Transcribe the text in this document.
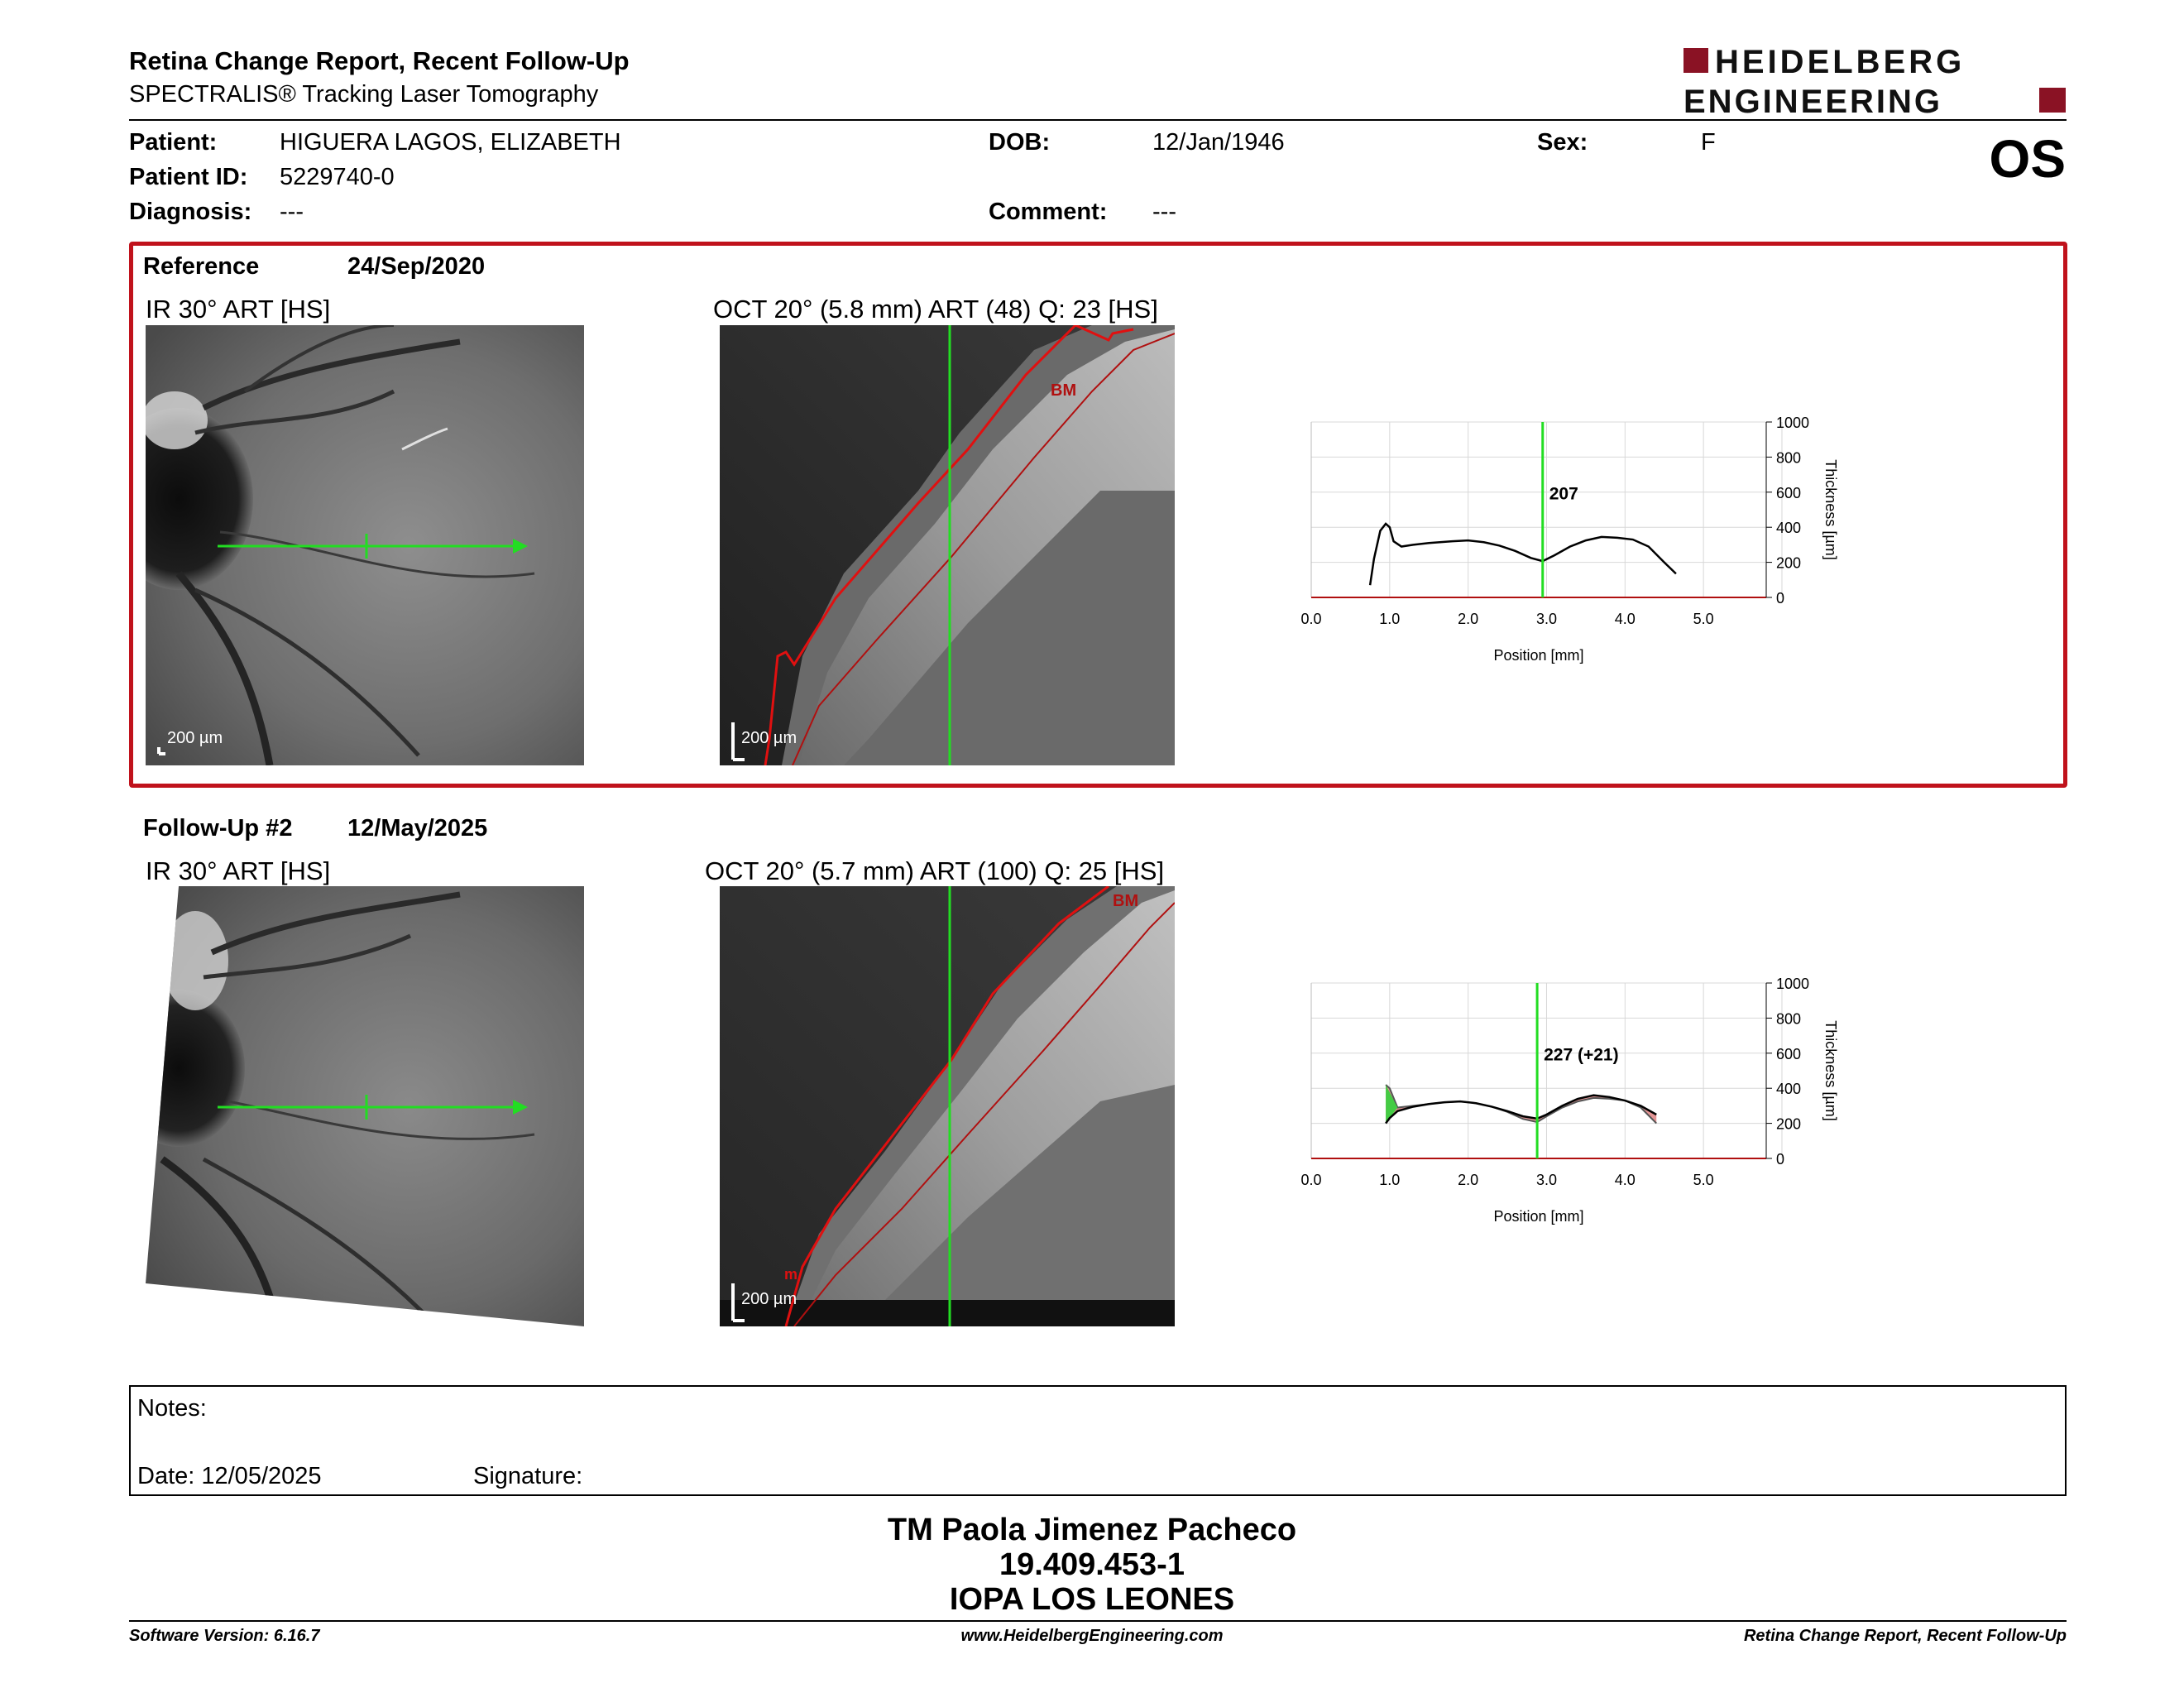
Retina Change Report, Recent Follow-Up
SPECTRALIS® Tracking Laser Tomography
HEIDELBERG
ENGINEERING
Patient:	HIGUERA LAGOS, ELIZABETH
Patient ID: 5229740-0
Diagnosis: ---
DOB:	12/Jan/1946
Comment: ---
Sex:	F	OS
Reference	24/Sep/2020
IR 30° ART [HS]	OCT 20° (5.8 mm) ART (48) Q: 23 [HS]
200 µm
BM
200 µm
0
200
400
600
800
1000
0.0	1.0	2.0	3.0	4.0	5.0
Position [mm]
Thickness [µm]
207
Follow-Up #2 12/May/2025
IR 30° ART [HS]	OCT 20° (5.7 mm) ART (100) Q: 25 [HS]
200 µm
BM
m
200 µm
0
200
400
600
800
1000
0.0	1.0	2.0	3.0	4.0	5.0
Position [mm]
Thickness [µm]
227 (+21)
Notes:
Date: 12/05/2025	Signature:
TM Paola Jimenez Pacheco
19.409.453-1
IOPA LOS LEONES
Software Version: 6.16.7	www.HeidelbergEngineering.com	Retina Change Report, Recent Follow-Up
